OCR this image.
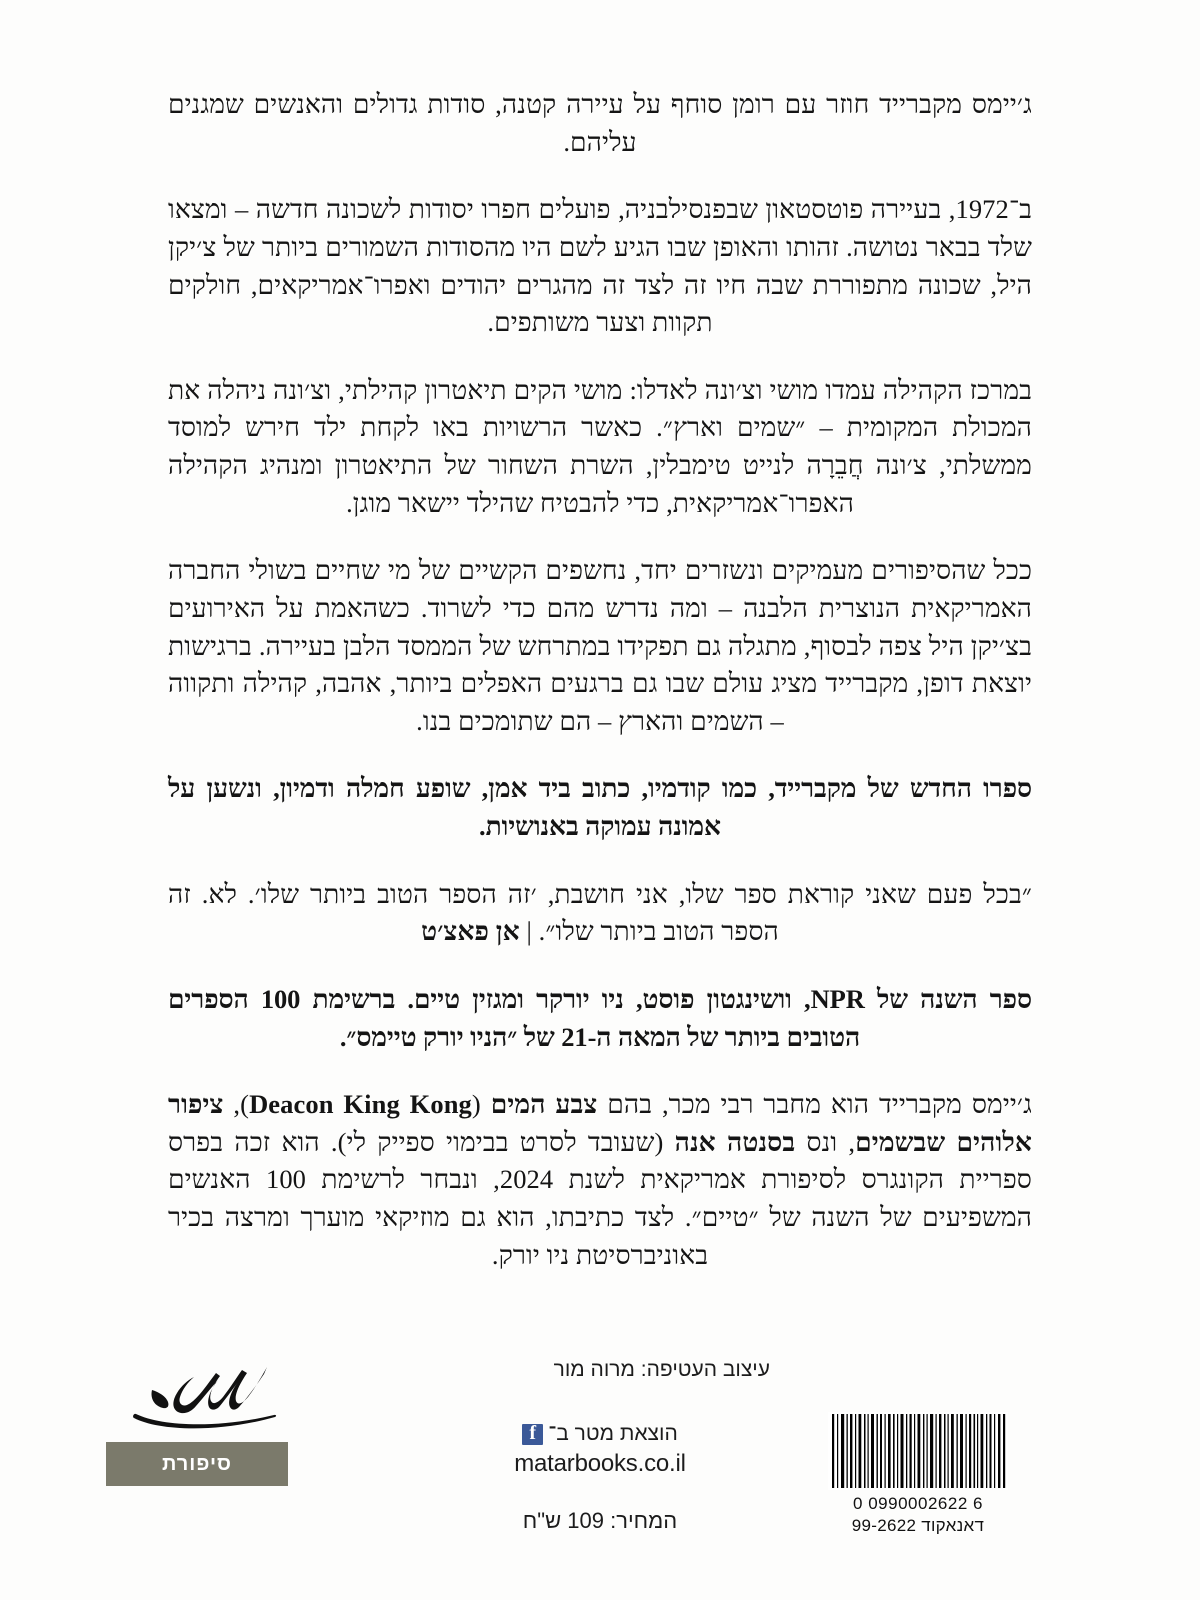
ג׳יימס מקברייד חוזר עם רומן סוחף על עיירה קטנה, סודות גדולים והאנשים שמגנים עליהם.

ב־1972, בעיירה פוטסטאון שבפנסילבניה, פועלים חפרו יסודות לשכונה חדשה – ומצאו שלד בבאר נטושה. זהותו והאופן שבו הגיע לשם היו מהסודות השמורים ביותר של צ׳יקן היל, שכונה מתפוררת שבה חיו זה לצד זה מהגרים יהודים ואפרו־אמריקאים, חולקים תקוות וצער משותפים.

במרכז הקהילה עמדו מושי וצ׳ונה לאדלו: מושי הקים תיאטרון קהילתי, וצ׳ונה ניהלה את המכולת המקומית – ״שמים וארץ״. כאשר הרשויות באו לקחת ילד חירש למוסד ממשלתי, צ׳ונה חֲבֵרָה לנייט טימבלין, השרת השחור של התיאטרון ומנהיג הקהילה האפרו־אמריקאית, כדי להבטיח שהילד יישאר מוגן.

ככל שהסיפורים מעמיקים ונשזרים יחד, נחשפים הקשיים של מי שחיים בשולי החברה האמריקאית הנוצרית הלבנה – ומה נדרש מהם כדי לשרוד. כשהאמת על האירועים בצ׳יקן היל צפה לבסוף, מתגלה גם תפקידו במתרחש של הממסד הלבן בעיירה. ברגישות יוצאת דופן, מקברייד מציג עולם שבו גם ברגעים האפלים ביותר, אהבה, קהילה ותקווה – השמים והארץ – הם שתומכים בנו.

ספרו החדש של מקברייד, כמו קודמיו, כתוב ביד אמן, שופע חמלה ודמיון, ונשען על אמונה עמוקה באנושיות.

״בכל פעם שאני קוראת ספר שלו, אני חושבת, ׳זה הספר הטוב ביותר שלו׳. לא. זה הספר הטוב ביותר שלו״. | אן פאצ׳ט

ספר השנה של NPR, וושינגטון פוסט, ניו יורקר ומגזין טיים. ברשימת 100 הספרים הטובים ביותר של המאה ה-21 של ״הניו יורק טיימס״.

ג׳יימס מקברייד הוא מחבר רבי מכר, בהם צבע המים (Deacon King Kong), ציפור אלוהים שבשמים, ונס בסנטה אנה (שעובד לסרט בבימוי ספייק לי). הוא זכה בפרס ספריית הקונגרס לסיפורת אמריקאית לשנת 2024, ונבחר לרשימת 100 האנשים המשפיעים של השנה של ״טיים״. לצד כתיבתו, הוא גם מוזיקאי מוערך ומרצה בכיר באוניברסיטת ניו יורק.

עיצוב העטיפה: מרוה מור
סיפורת
הוצאת מטר ב־
f
matarbooks.co.il
המחיר: 109 ש"ח
0 0990002622 6
דאנאקוד 99-2622
